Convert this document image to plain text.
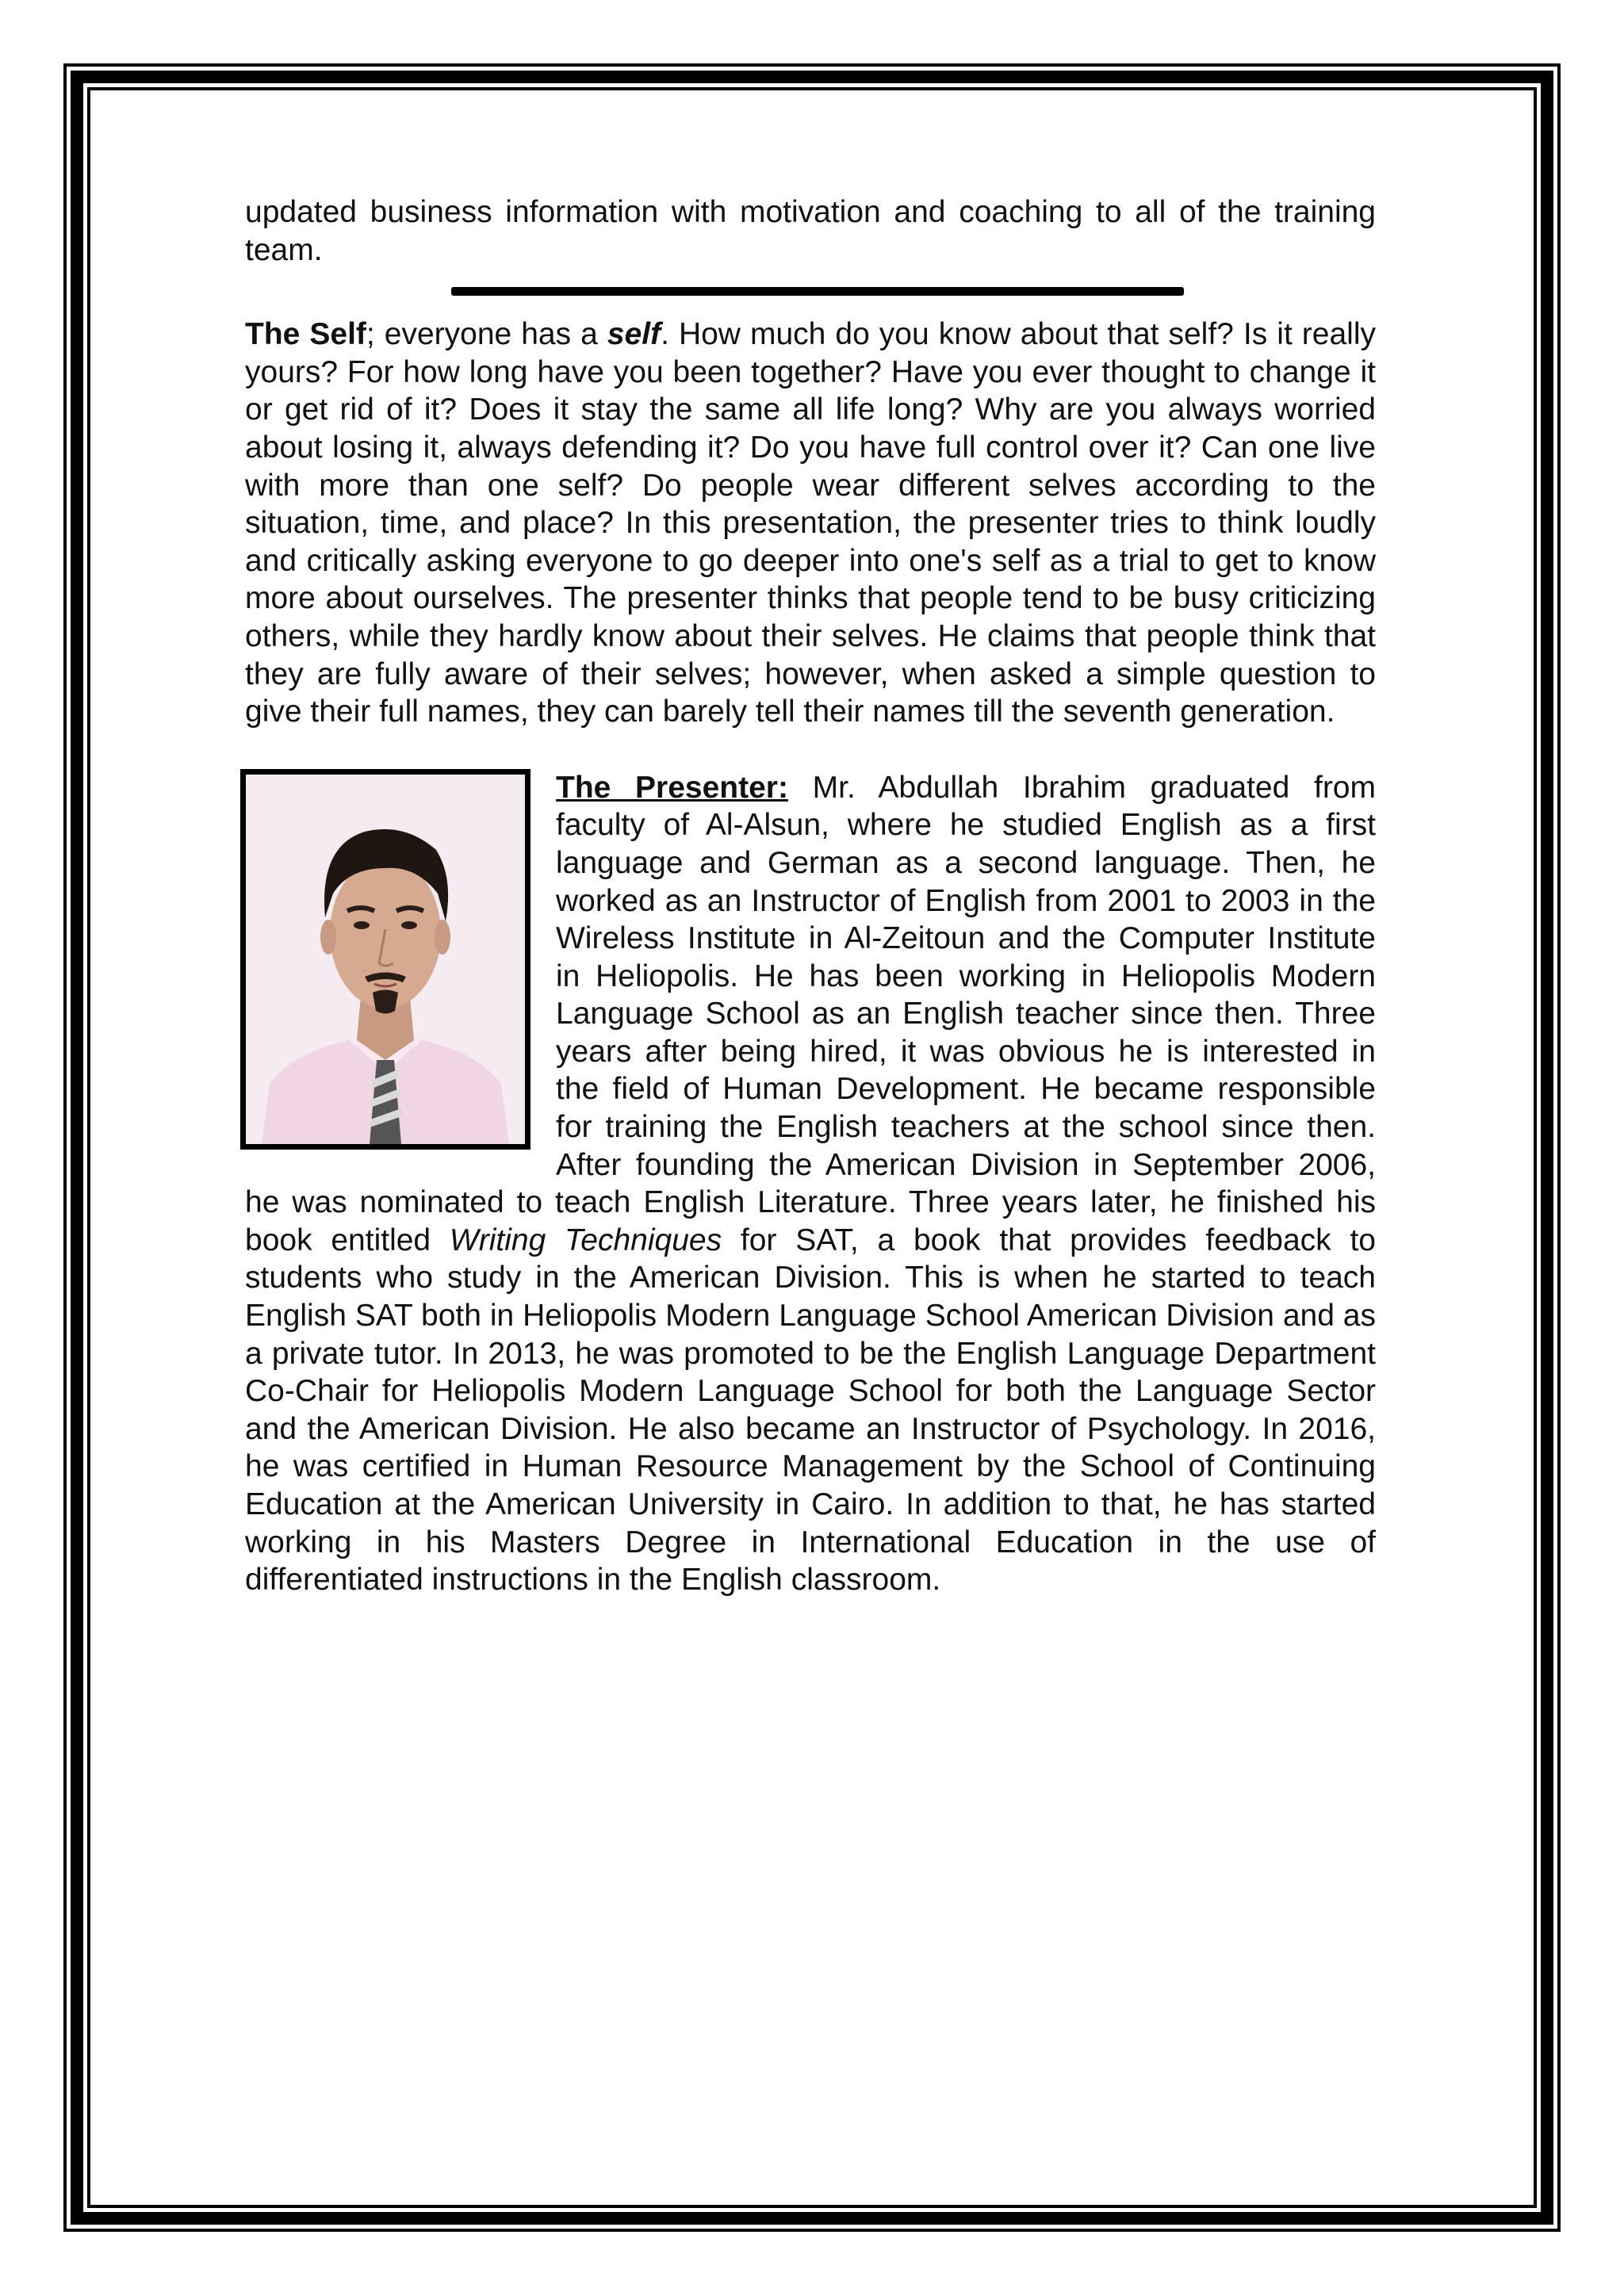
updated business information with motivation and coaching to all of the training team.

The Self; everyone has a self. How much do you know about that self? Is it really yours? For how long have you been together? Have you ever thought to change it or get rid of it? Does it stay the same all life long? Why are you always worried about losing it, always defending it? Do you have full control over it? Can one live with more than one self? Do people wear different selves according to the situation, time, and place? In this presentation, the presenter tries to think loudly and critically asking everyone to go deeper into one's self as a trial to get to know more about ourselves. The presenter thinks that people tend to be busy criticizing others, while they hardly know about their selves. He claims that people think that they are fully aware of their selves; however, when asked a simple question to give their full names, they can barely tell their names till the seventh generation.

The Presenter: Mr. Abdullah Ibrahim graduated from faculty of Al-Alsun, where he studied English as a first language and German as a second language. Then, he worked as an Instructor of English from 2001 to 2003 in the Wireless Institute in Al-Zeitoun and the Computer Institute in Heliopolis. He has been working in Heliopolis Modern Language School as an English teacher since then. Three years after being hired, it was obvious he is interested in the field of Human Development. He became responsible for training the English teachers at the school since then. After founding the American Division in September 2006, he was nominated to teach English Literature. Three years later, he finished his book entitled Writing Techniques for SAT, a book that provides feedback to students who study in the American Division. This is when he started to teach English SAT both in Heliopolis Modern Language School American Division and as a private tutor. In 2013, he was promoted to be the English Language Department Co-Chair for Heliopolis Modern Language School for both the Language Sector and the American Division. He also became an Instructor of Psychology. In 2016, he was certified in Human Resource Management by the School of Continuing Education at the American University in Cairo. In addition to that, he has started working in his Masters Degree in International Education in the use of differentiated instructions in the English classroom.
